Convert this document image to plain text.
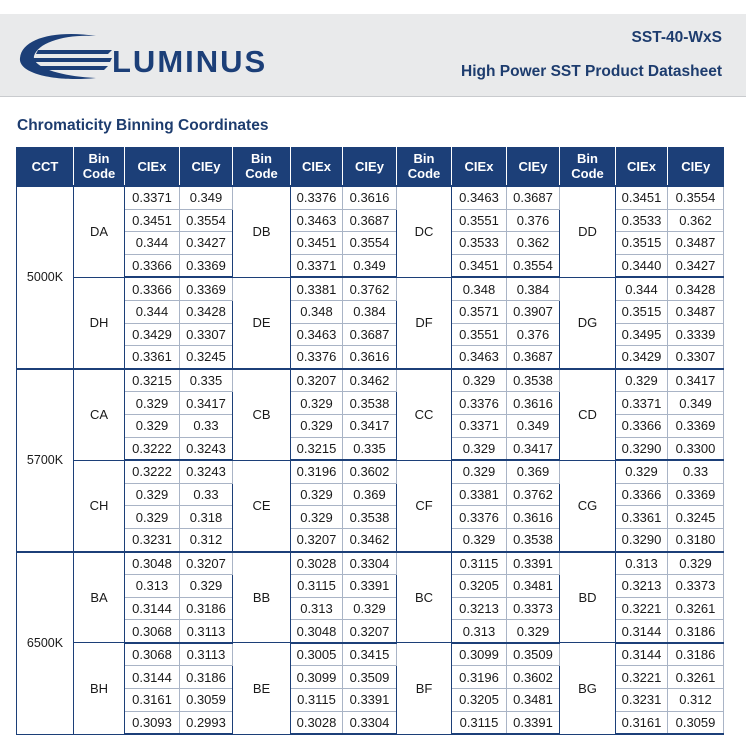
LUMINUS
SST-40-WxS
High Power SST Product Datasheet
Chromaticity Binning Coordinates
CCT	Bin Code	CIEx	CIEy	Bin Code	CIEx	CIEy	Bin Code	CIEx	CIEy	Bin Code	CIEx	CIEy
5000K	DA	0.3371	0.349	DB	0.3376	0.3616	DC	0.3463	0.3687	DD	0.3451	0.3554
		0.3451	0.3554		0.3463	0.3687		0.3551	0.376		0.3533	0.362
		0.344	0.3427		0.3451	0.3554		0.3533	0.362		0.3515	0.3487
		0.3366	0.3369		0.3371	0.349		0.3451	0.3554		0.3440	0.3427
	DH	0.3366	0.3369	DE	0.3381	0.3762	DF	0.348	0.384	DG	0.344	0.3428
		0.344	0.3428		0.348	0.384		0.3571	0.3907		0.3515	0.3487
		0.3429	0.3307		0.3463	0.3687		0.3551	0.376		0.3495	0.3339
		0.3361	0.3245		0.3376	0.3616		0.3463	0.3687		0.3429	0.3307
5700K	CA	0.3215	0.335	CB	0.3207	0.3462	CC	0.329	0.3538	CD	0.329	0.3417
		0.329	0.3417		0.329	0.3538		0.3376	0.3616		0.3371	0.349
		0.329	0.33		0.329	0.3417		0.3371	0.349		0.3366	0.3369
		0.3222	0.3243		0.3215	0.335		0.329	0.3417		0.3290	0.3300
	CH	0.3222	0.3243	CE	0.3196	0.3602	CF	0.329	0.369	CG	0.329	0.33
		0.329	0.33		0.329	0.369		0.3381	0.3762		0.3366	0.3369
		0.329	0.318		0.329	0.3538		0.3376	0.3616		0.3361	0.3245
		0.3231	0.312		0.3207	0.3462		0.329	0.3538		0.3290	0.3180
6500K	BA	0.3048	0.3207	BB	0.3028	0.3304	BC	0.3115	0.3391	BD	0.313	0.329
		0.313	0.329		0.3115	0.3391		0.3205	0.3481		0.3213	0.3373
		0.3144	0.3186		0.313	0.329		0.3213	0.3373		0.3221	0.3261
		0.3068	0.3113		0.3048	0.3207		0.313	0.329		0.3144	0.3186
	BH	0.3068	0.3113	BE	0.3005	0.3415	BF	0.3099	0.3509	BG	0.3144	0.3186
		0.3144	0.3186		0.3099	0.3509		0.3196	0.3602		0.3221	0.3261
		0.3161	0.3059		0.3115	0.3391		0.3205	0.3481		0.3231	0.312
		0.3093	0.2993		0.3028	0.3304		0.3115	0.3391		0.3161	0.3059
